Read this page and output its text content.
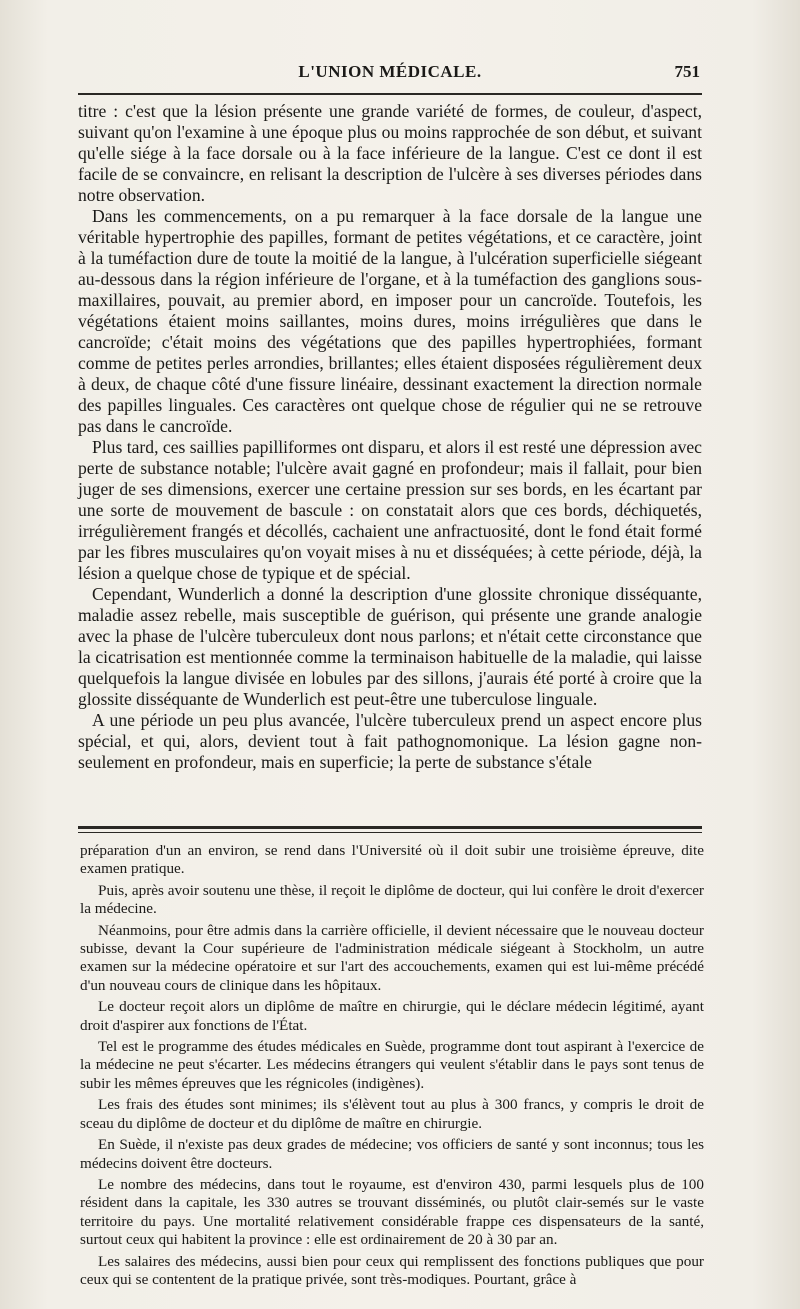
L'UNION MÉDICALE.	751

titre : c'est que la lésion présente une grande variété de formes, de couleur, d'aspect, suivant qu'on l'examine à une époque plus ou moins rapprochée de son début, et suivant qu'elle siége à la face dorsale ou à la face inférieure de la langue. C'est ce dont il est facile de se convaincre, en relisant la description de l'ulcère à ses diverses périodes dans notre observation.

Dans les commencements, on a pu remarquer à la face dorsale de la langue une véritable hypertrophie des papilles, formant de petites végétations, et ce caractère, joint à la tuméfaction dure de toute la moitié de la langue, à l'ulcération superficielle siégeant au-dessous dans la région inférieure de l'organe, et à la tuméfaction des ganglions sous-maxillaires, pouvait, au premier abord, en imposer pour un cancroïde. Toutefois, les végétations étaient moins saillantes, moins dures, moins irrégulières que dans le cancroïde; c'était moins des végétations que des papilles hypertrophiées, formant comme de petites perles arrondies, brillantes; elles étaient disposées régulièrement deux à deux, de chaque côté d'une fissure linéaire, dessinant exactement la direction normale des papilles linguales. Ces caractères ont quelque chose de régulier qui ne se retrouve pas dans le cancroïde.

Plus tard, ces saillies papilliformes ont disparu, et alors il est resté une dépression avec perte de substance notable; l'ulcère avait gagné en profondeur; mais il fallait, pour bien juger de ses dimensions, exercer une certaine pression sur ses bords, en les écartant par une sorte de mouvement de bascule : on constatait alors que ces bords, déchiquetés, irrégulièrement frangés et décollés, cachaient une anfractuosité, dont le fond était formé par les fibres musculaires qu'on voyait mises à nu et disséquées; à cette période, déjà, la lésion a quelque chose de typique et de spécial.

Cependant, Wunderlich a donné la description d'une glossite chronique disséquante, maladie assez rebelle, mais susceptible de guérison, qui présente une grande analogie avec la phase de l'ulcère tuberculeux dont nous parlons; et n'était cette circonstance que la cicatrisation est mentionnée comme la terminaison habituelle de la maladie, qui laisse quelquefois la langue divisée en lobules par des sillons, j'aurais été porté à croire que la glossite disséquante de Wunderlich est peut-être une tuberculose linguale.

A une période un peu plus avancée, l'ulcère tuberculeux prend un aspect encore plus spécial, et qui, alors, devient tout à fait pathognomonique. La lésion gagne non-seulement en profondeur, mais en superficie; la perte de substance s'étale

préparation d'un an environ, se rend dans l'Université où il doit subir une troisième épreuve, dite examen pratique.

Puis, après avoir soutenu une thèse, il reçoit le diplôme de docteur, qui lui confère le droit d'exercer la médecine.

Néanmoins, pour être admis dans la carrière officielle, il devient nécessaire que le nouveau docteur subisse, devant la Cour supérieure de l'administration médicale siégeant à Stockholm, un autre examen sur la médecine opératoire et sur l'art des accouchements, examen qui est lui-même précédé d'un nouveau cours de clinique dans les hôpitaux.

Le docteur reçoit alors un diplôme de maître en chirurgie, qui le déclare médecin légitimé, ayant droit d'aspirer aux fonctions de l'État.

Tel est le programme des études médicales en Suède, programme dont tout aspirant à l'exercice de la médecine ne peut s'écarter. Les médecins étrangers qui veulent s'établir dans le pays sont tenus de subir les mêmes épreuves que les régnicoles (indigènes).

Les frais des études sont minimes; ils s'élèvent tout au plus à 300 francs, y compris le droit de sceau du diplôme de docteur et du diplôme de maître en chirurgie.

En Suède, il n'existe pas deux grades de médecine; vos officiers de santé y sont inconnus; tous les médecins doivent être docteurs.

Le nombre des médecins, dans tout le royaume, est d'environ 430, parmi lesquels plus de 100 résident dans la capitale, les 330 autres se trouvant disséminés, ou plutôt clair-semés sur le vaste territoire du pays. Une mortalité relativement considérable frappe ces dispensateurs de la santé, surtout ceux qui habitent la province : elle est ordinairement de 20 à 30 par an.

Les salaires des médecins, aussi bien pour ceux qui remplissent des fonctions publiques que pour ceux qui se contentent de la pratique privée, sont très-modiques. Pourtant, grâce à
